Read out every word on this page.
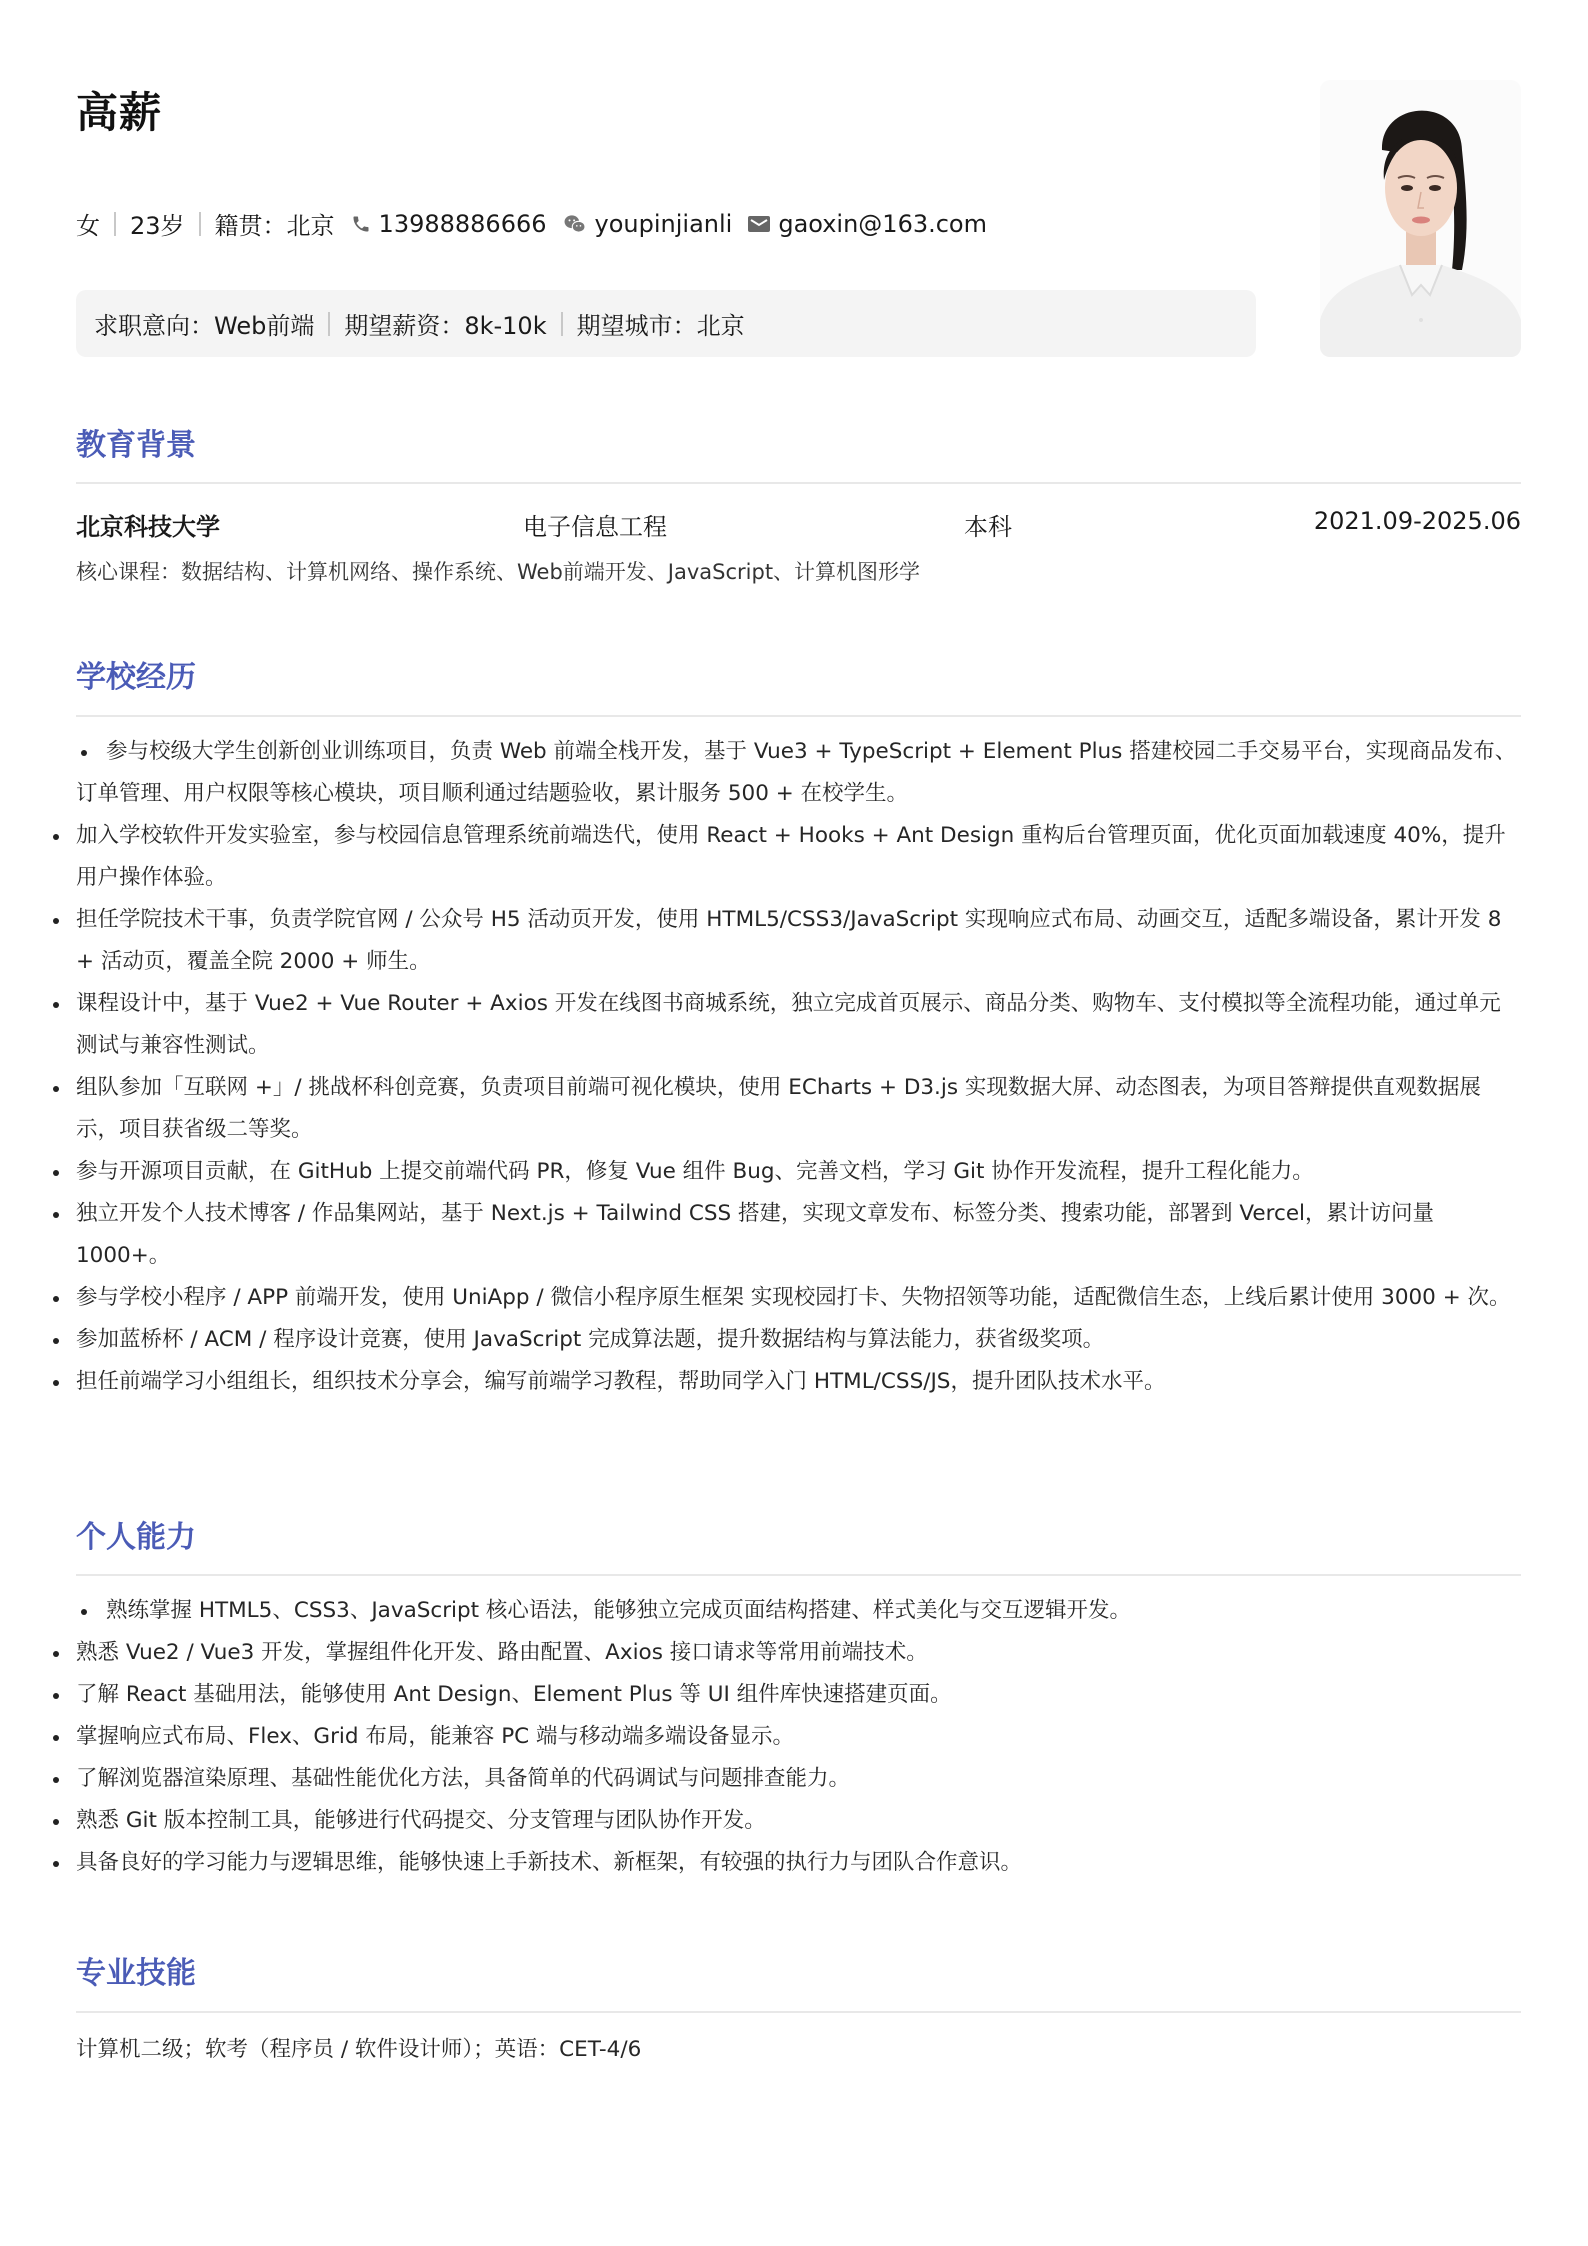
高薪
女 23岁 籍贯：北京 13988886666 youpinjianli gaoxin@163.com
求职意向：Web前端 期望薪资：8k-10k 期望城市：北京
教育背景
北京科技大学	电子信息工程	本科	2021.09-2025.06
核心课程：数据结构、计算机网络、操作系统、Web前端开发、JavaScript、计算机图形学
学校经历
参与校级大学生创新创业训练项目，负责 Web 前端全栈开发，基于 Vue3 + TypeScript + Element Plus 搭建校园二手交易平台，实现商品发布、订单管理、用户权限等核心模块，项目顺利通过结题验收，累计服务 500 + 在校学生。
加入学校软件开发实验室，参与校园信息管理系统前端迭代，使用 React + Hooks + Ant Design 重构后台管理页面，优化页面加载速度 40%，提升用户操作体验。
担任学院技术干事，负责学院官网 / 公众号 H5 活动页开发，使用 HTML5/CSS3/JavaScript 实现响应式布局、动画交互，适配多端设备，累计开发 8 + 活动页，覆盖全院 2000 + 师生。
课程设计中，基于 Vue2 + Vue Router + Axios 开发在线图书商城系统，独立完成首页展示、商品分类、购物车、支付模拟等全流程功能，通过单元测试与兼容性测试。
组队参加「互联网 +」/ 挑战杯科创竞赛，负责项目前端可视化模块，使用 ECharts + D3.js 实现数据大屏、动态图表，为项目答辩提供直观数据展示，项目获省级二等奖。
参与开源项目贡献，在 GitHub 上提交前端代码 PR，修复 Vue 组件 Bug、完善文档，学习 Git 协作开发流程，提升工程化能力。
独立开发个人技术博客 / 作品集网站，基于 Next.js + Tailwind CSS 搭建，实现文章发布、标签分类、搜索功能，部署到 Vercel，累计访问量 1000+。
参与学校小程序 / APP 前端开发，使用 UniApp / 微信小程序原生框架 实现校园打卡、失物招领等功能，适配微信生态，上线后累计使用 3000 + 次。
参加蓝桥杯 / ACM / 程序设计竞赛，使用 JavaScript 完成算法题，提升数据结构与算法能力，获省级奖项。
担任前端学习小组组长，组织技术分享会，编写前端学习教程，帮助同学入门 HTML/CSS/JS，提升团队技术水平。
个人能力
熟练掌握 HTML5、CSS3、JavaScript 核心语法，能够独立完成页面结构搭建、样式美化与交互逻辑开发。
熟悉 Vue2 / Vue3 开发，掌握组件化开发、路由配置、Axios 接口请求等常用前端技术。
了解 React 基础用法，能够使用 Ant Design、Element Plus 等 UI 组件库快速搭建页面。
掌握响应式布局、Flex、Grid 布局，能兼容 PC 端与移动端多端设备显示。
了解浏览器渲染原理、基础性能优化方法，具备简单的代码调试与问题排查能力。
熟悉 Git 版本控制工具，能够进行代码提交、分支管理与团队协作开发。
具备良好的学习能力与逻辑思维，能够快速上手新技术、新框架，有较强的执行力与团队合作意识。
专业技能
计算机二级；软考（程序员 / 软件设计师）；英语：CET-4/6
